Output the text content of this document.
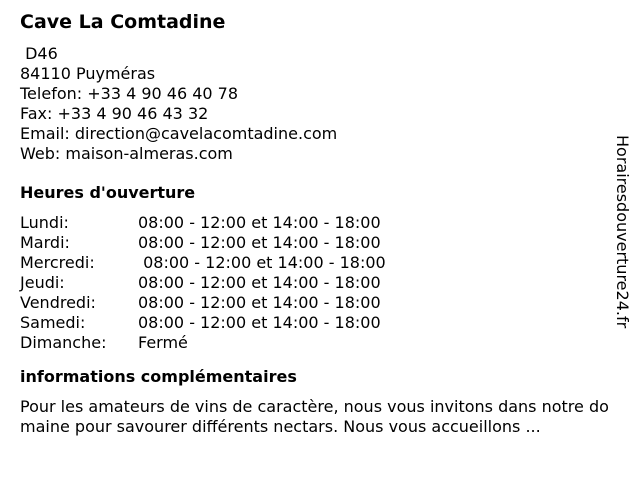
Cave La Comtadine
D46
84110 Puyméras
Telefon: +33 4 90 46 40 78
Fax: +33 4 90 46 43 32
Email: direction@cavelacomtadine.com
Web: maison-almeras.com
Heures d'ouverture
Lundi:	08:00 - 12:00 et 14:00 - 18:00
Mardi:	08:00 - 12:00 et 14:00 - 18:00
Mercredi:	08:00 - 12:00 et 14:00 - 18:00
Jeudi:	08:00 - 12:00 et 14:00 - 18:00
Vendredi:	08:00 - 12:00 et 14:00 - 18:00
Samedi:	08:00 - 12:00 et 14:00 - 18:00
Dimanche:	Fermé
informations complémentaires
Pour les amateurs de vins de caractère, nous vous invitons dans notre domaine pour savourer différents nectars. Nous vous accueillons ...
Horairesdouverture24.fr
